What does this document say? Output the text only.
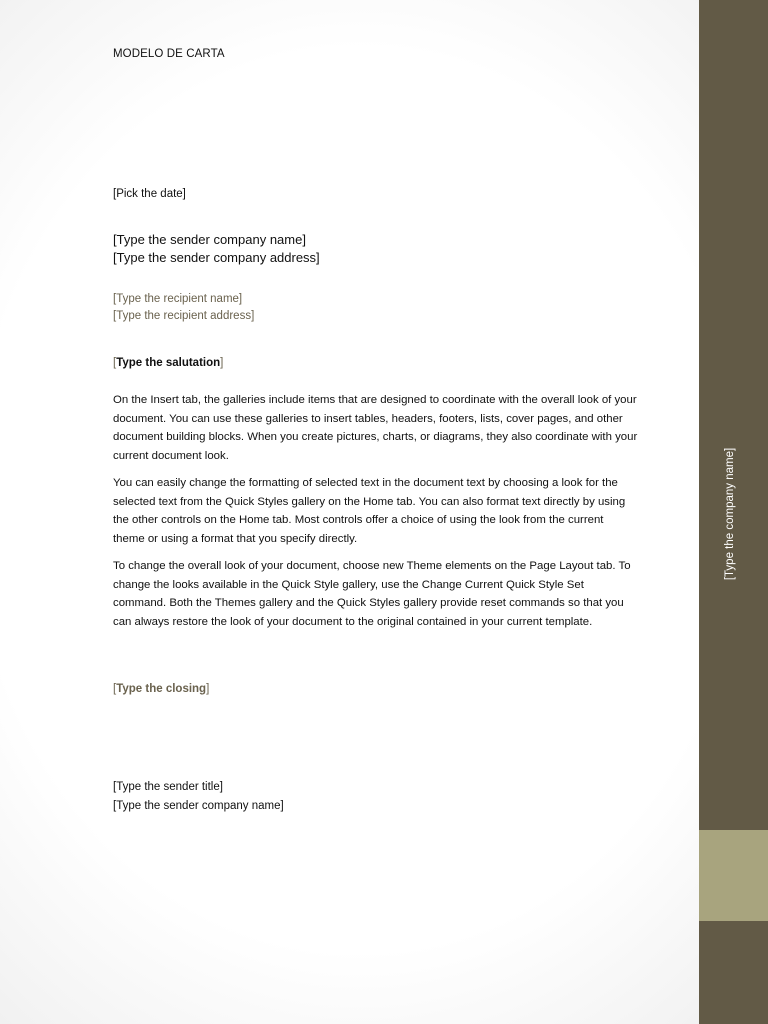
[Type the company name]
MODELO DE CARTA
[Pick the date]
[Type the sender company name]
[Type the sender company address]
[Type the recipient name]
[Type the recipient address]
[Type the salutation]

On the Insert tab, the galleries include items that are designed to coordinate with the overall look of your document. You can use these galleries to insert tables, headers, footers, lists, cover pages, and other document building blocks. When you create pictures, charts, or diagrams, they also coordinate with your current document look.

You can easily change the formatting of selected text in the document text by choosing a look for the selected text from the Quick Styles gallery on the Home tab. You can also format text directly by using the other controls on the Home tab. Most controls offer a choice of using the look from the current theme or using a format that you specify directly.

To change the overall look of your document, choose new Theme elements on the Page Layout tab. To change the looks available in the Quick Style gallery, use the Change Current Quick Style Set command. Both the Themes gallery and the Quick Styles gallery provide reset commands so that you can always restore the look of your document to the original contained in your current template.

[Type the closing]
[Type the sender title]
[Type the sender company name]
